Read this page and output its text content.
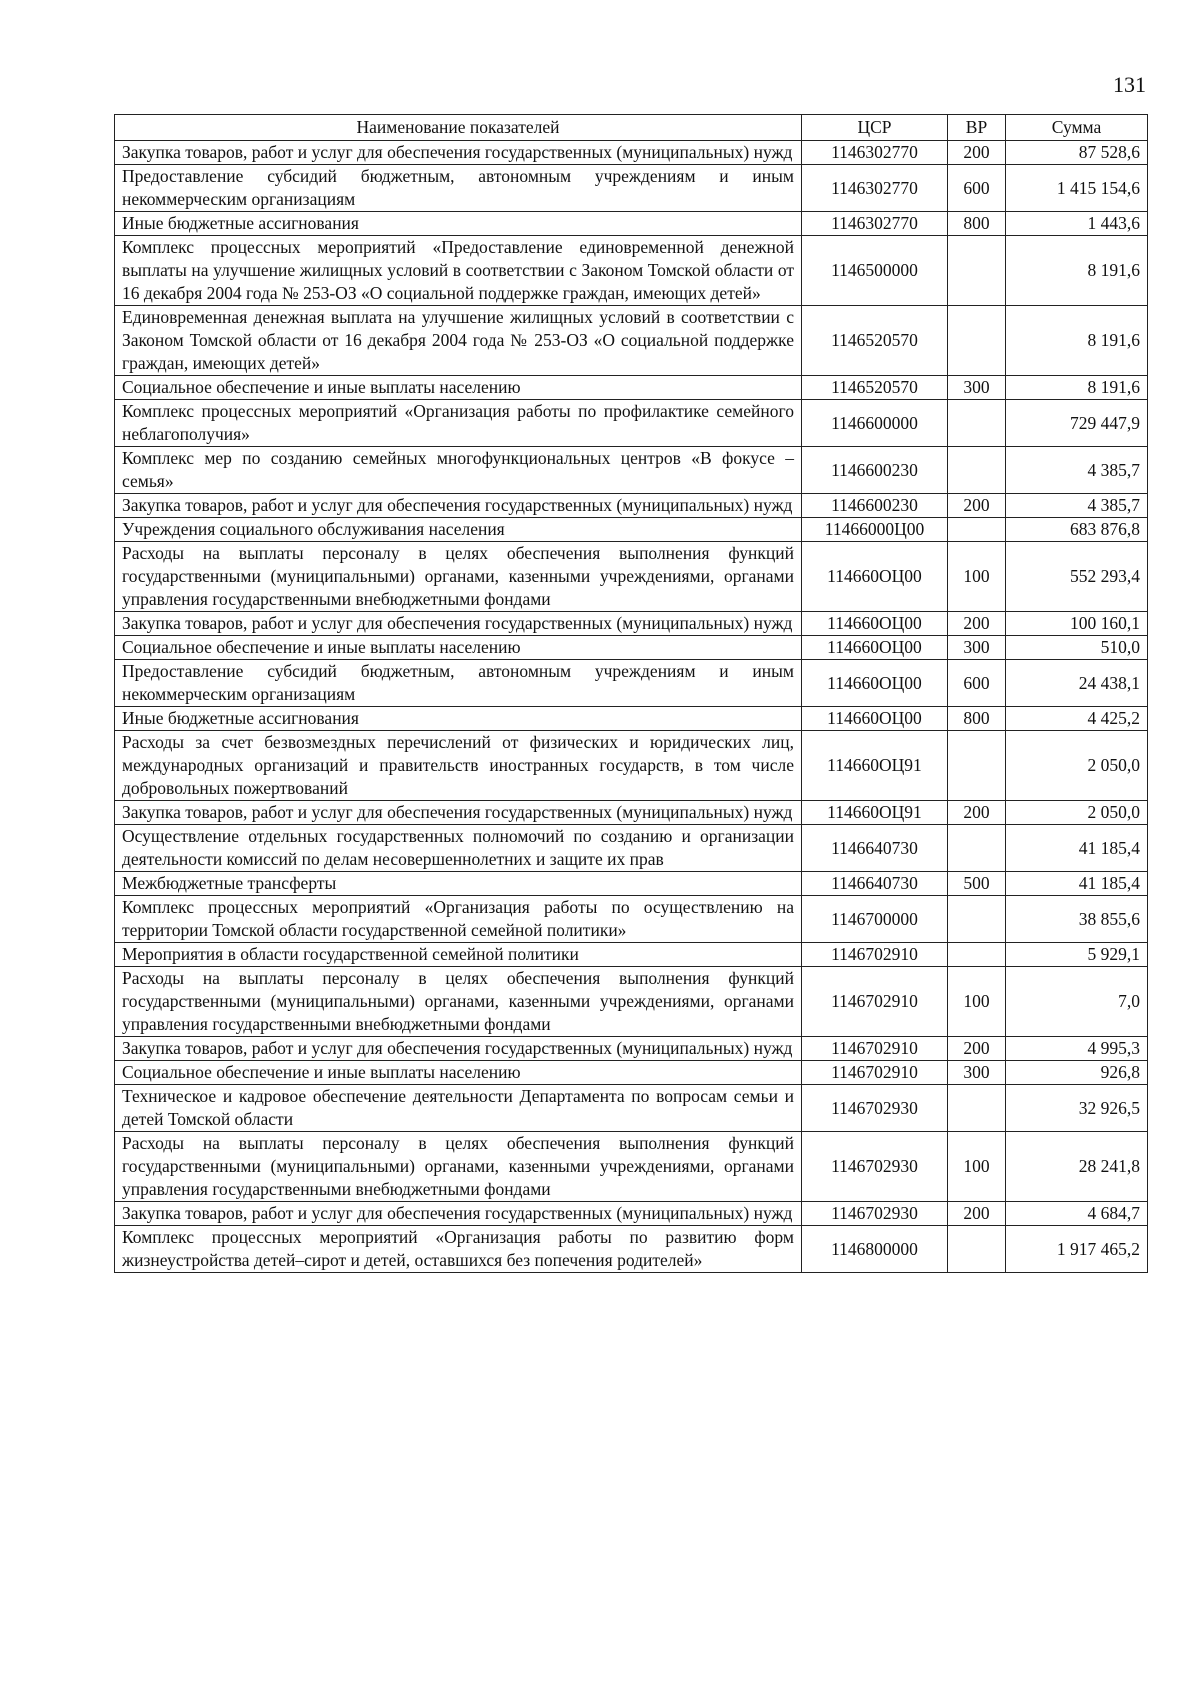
131
Наименование показателей	ЦСР	ВР	Сумма
Закупка товаров, работ и услуг для обеспечения государственных (муниципальных) нужд	1146302770	200	87 528,6
Предоставление субсидий бюджетным, автономным учреждениям и иным некоммерческим организациям	1146302770	600	1 415 154,6
Иные бюджетные ассигнования	1146302770	800	1 443,6
Комплекс процессных мероприятий «Предоставление единовременной денежной выплаты на улучшение жилищных условий в соответствии с Законом Томской области от 16 декабря 2004 года № 253-ОЗ «О социальной поддержке граждан, имеющих детей»	1146500000		8 191,6
Единовременная денежная выплата на улучшение жилищных условий в соответствии с Законом Томской области от 16 декабря 2004 года № 253-ОЗ «О социальной поддержке граждан, имеющих детей»	1146520570		8 191,6
Социальное обеспечение и иные выплаты населению	1146520570	300	8 191,6
Комплекс процессных мероприятий «Организация работы по профилактике семейного неблагополучия»	1146600000		729 447,9
Комплекс мер по созданию семейных многофункциональных центров «В фокусе – семья»	1146600230		4 385,7
Закупка товаров, работ и услуг для обеспечения государственных (муниципальных) нужд	1146600230	200	4 385,7
Учреждения социального обслуживания населения	11466000Ц00		683 876,8
Расходы на выплаты персоналу в целях обеспечения выполнения функций государственными (муниципальными) органами, казенными учреждениями, органами управления государственными внебюджетными фондами	114660ОЦ00	100	552 293,4
Закупка товаров, работ и услуг для обеспечения государственных (муниципальных) нужд	114660ОЦ00	200	100 160,1
Социальное обеспечение и иные выплаты населению	114660ОЦ00	300	510,0
Предоставление субсидий бюджетным, автономным учреждениям и иным некоммерческим организациям	114660ОЦ00	600	24 438,1
Иные бюджетные ассигнования	114660ОЦ00	800	4 425,2
Расходы за счет безвозмездных перечислений от физических и юридических лиц, международных организаций и правительств иностранных государств, в том числе добровольных пожертвований	114660ОЦ91		2 050,0
Закупка товаров, работ и услуг для обеспечения государственных (муниципальных) нужд	114660ОЦ91	200	2 050,0
Осуществление отдельных государственных полномочий по созданию и организации деятельности комиссий по делам несовершеннолетних и защите их прав	1146640730		41 185,4
Межбюджетные трансферты	1146640730	500	41 185,4
Комплекс процессных мероприятий «Организация работы по осуществлению на территории Томской области государственной семейной политики»	1146700000		38 855,6
Мероприятия в области государственной семейной политики	1146702910		5 929,1
Расходы на выплаты персоналу в целях обеспечения выполнения функций государственными (муниципальными) органами, казенными учреждениями, органами управления государственными внебюджетными фондами	1146702910	100	7,0
Закупка товаров, работ и услуг для обеспечения государственных (муниципальных) нужд	1146702910	200	4 995,3
Социальное обеспечение и иные выплаты населению	1146702910	300	926,8
Техническое и кадровое обеспечение деятельности Департамента по вопросам семьи и детей Томской области	1146702930		32 926,5
Расходы на выплаты персоналу в целях обеспечения выполнения функций государственными (муниципальными) органами, казенными учреждениями, органами управления государственными внебюджетными фондами	1146702930	100	28 241,8
Закупка товаров, работ и услуг для обеспечения государственных (муниципальных) нужд	1146702930	200	4 684,7
Комплекс процессных мероприятий «Организация работы по развитию форм жизнеустройства детей–сирот и детей, оставшихся без попечения родителей»	1146800000		1 917 465,2
